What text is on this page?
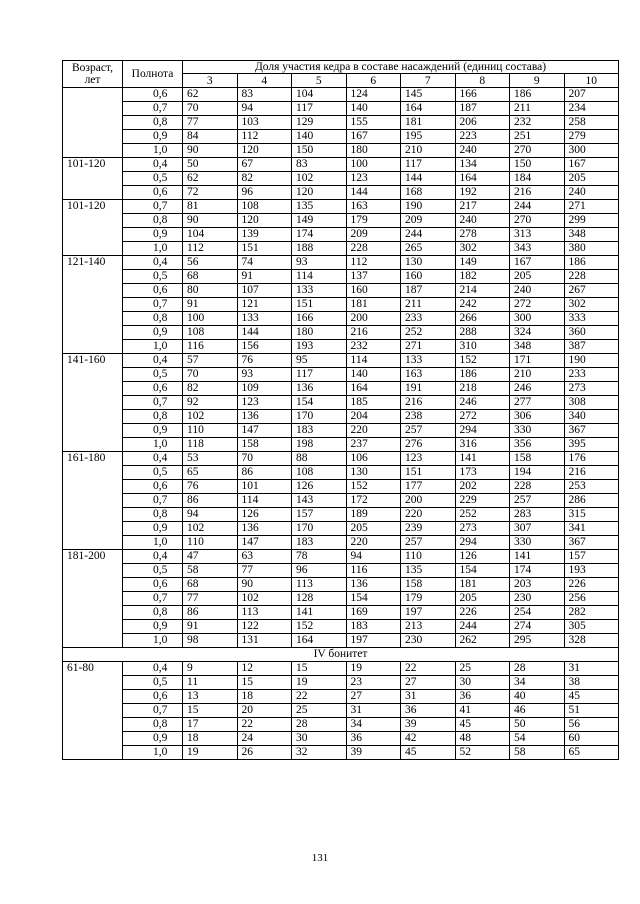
Возраст, лет	Полнота	Доля участия кедра в составе насаждений (единиц состава)							
		3	4	5	6	7	8	9	10
	0,6	62	83	104	124	145	166	186	207
	0,7	70	94	117	140	164	187	211	234
	0,8	77	103	129	155	181	206	232	258
	0,9	84	112	140	167	195	223	251	279
	1,0	90	120	150	180	210	240	270	300
101-120	0,4	50	67	83	100	117	134	150	167
	0,5	62	82	102	123	144	164	184	205
	0,6	72	96	120	144	168	192	216	240
101-120	0,7	81	108	135	163	190	217	244	271
	0,8	90	120	149	179	209	240	270	299
	0,9	104	139	174	209	244	278	313	348
	1,0	112	151	188	228	265	302	343	380
121-140	0,4	56	74	93	112	130	149	167	186
	0,5	68	91	114	137	160	182	205	228
	0,6	80	107	133	160	187	214	240	267
	0,7	91	121	151	181	211	242	272	302
	0,8	100	133	166	200	233	266	300	333
	0,9	108	144	180	216	252	288	324	360
	1,0	116	156	193	232	271	310	348	387
141-160	0,4	57	76	95	114	133	152	171	190
	0,5	70	93	117	140	163	186	210	233
	0,6	82	109	136	164	191	218	246	273
	0,7	92	123	154	185	216	246	277	308
	0,8	102	136	170	204	238	272	306	340
	0,9	110	147	183	220	257	294	330	367
	1,0	118	158	198	237	276	316	356	395
161-180	0,4	53	70	88	106	123	141	158	176
	0,5	65	86	108	130	151	173	194	216
	0,6	76	101	126	152	177	202	228	253
	0,7	86	114	143	172	200	229	257	286
	0,8	94	126	157	189	220	252	283	315
	0,9	102	136	170	205	239	273	307	341
	1,0	110	147	183	220	257	294	330	367
181-200	0,4	47	63	78	94	110	126	141	157
	0,5	58	77	96	116	135	154	174	193
	0,6	68	90	113	136	158	181	203	226
	0,7	77	102	128	154	179	205	230	256
	0,8	86	113	141	169	197	226	254	282
	0,9	91	122	152	183	213	244	274	305
	1,0	98	131	164	197	230	262	295	328
IV бонитет									
61-80	0,4	9	12	15	19	22	25	28	31
	0,5	11	15	19	23	27	30	34	38
	0,6	13	18	22	27	31	36	40	45
	0,7	15	20	25	31	36	41	46	51
	0,8	17	22	28	34	39	45	50	56
	0,9	18	24	30	36	42	48	54	60
	1,0	19	26	32	39	45	52	58	65
131
